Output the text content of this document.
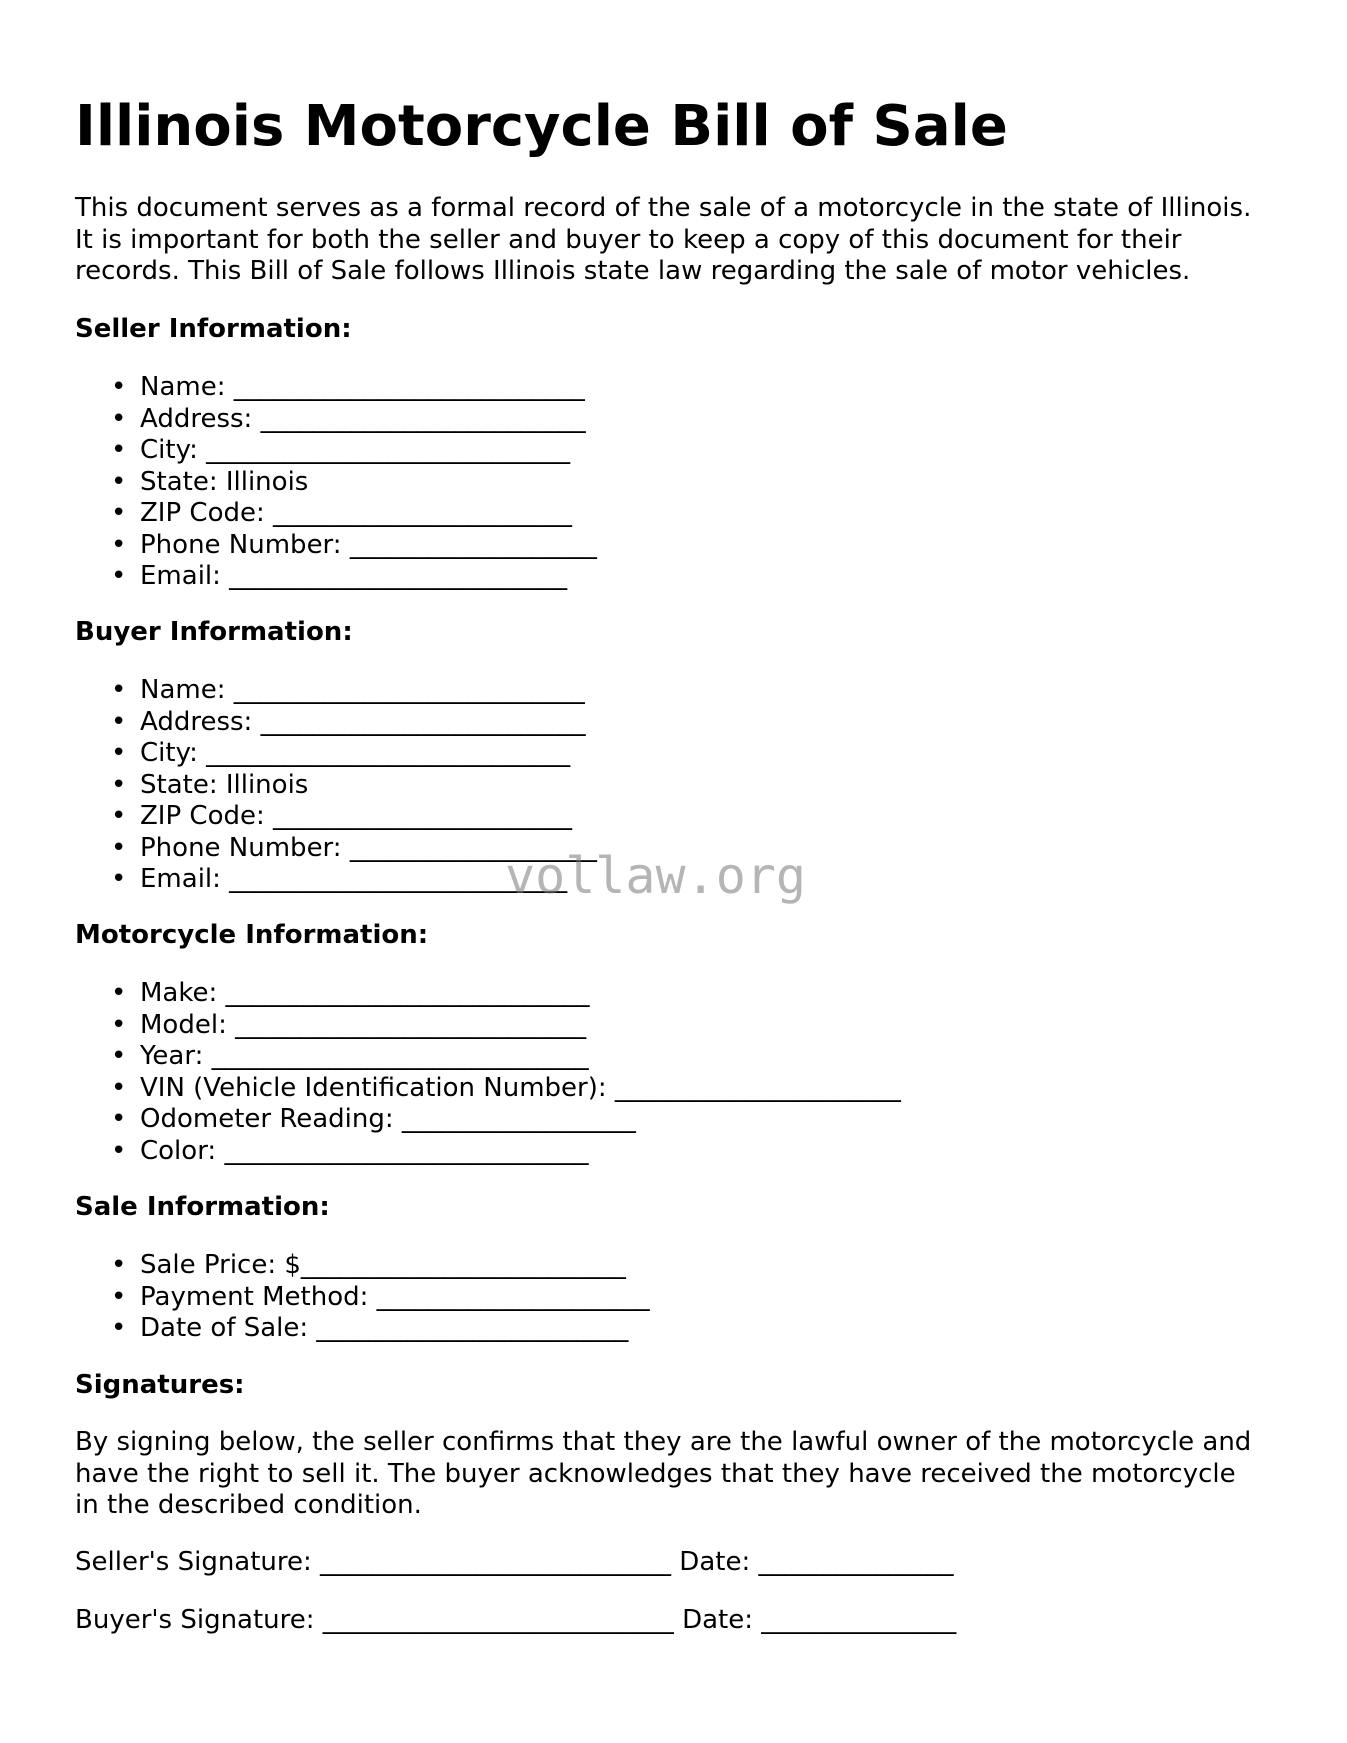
Illinois Motorcycle Bill of Sale

This document serves as a formal record of the sale of a motorcycle in the state of Illinois.
It is important for both the seller and buyer to keep a copy of this document for their
records. This Bill of Sale follows Illinois state law regarding the sale of motor vehicles.

Seller Information:

• Name: ___________________________
• Address: _________________________
• City: ____________________________
• State: Illinois
• ZIP Code: _______________________
• Phone Number: ___________________
• Email: __________________________

Buyer Information:

• Name: ___________________________
• Address: _________________________
• City: ____________________________
• State: Illinois
• ZIP Code: _______________________
• Phone Number: ___________________
• Email: __________________________

Motorcycle Information:

• Make: ____________________________
• Model: ___________________________
• Year: _____________________________
• VIN (Vehicle Identification Number): ______________________
• Odometer Reading: __________________
• Color: ____________________________

Sale Information:

• Sale Price: $_________________________
• Payment Method: _____________________
• Date of Sale: ________________________

Signatures:

By signing below, the seller confirms that they are the lawful owner of the motorcycle and
have the right to sell it. The buyer acknowledges that they have received the motorcycle
in the described condition.

Seller's Signature: ___________________________ Date: _______________

Buyer's Signature: ___________________________ Date: _______________

vollaw.org
